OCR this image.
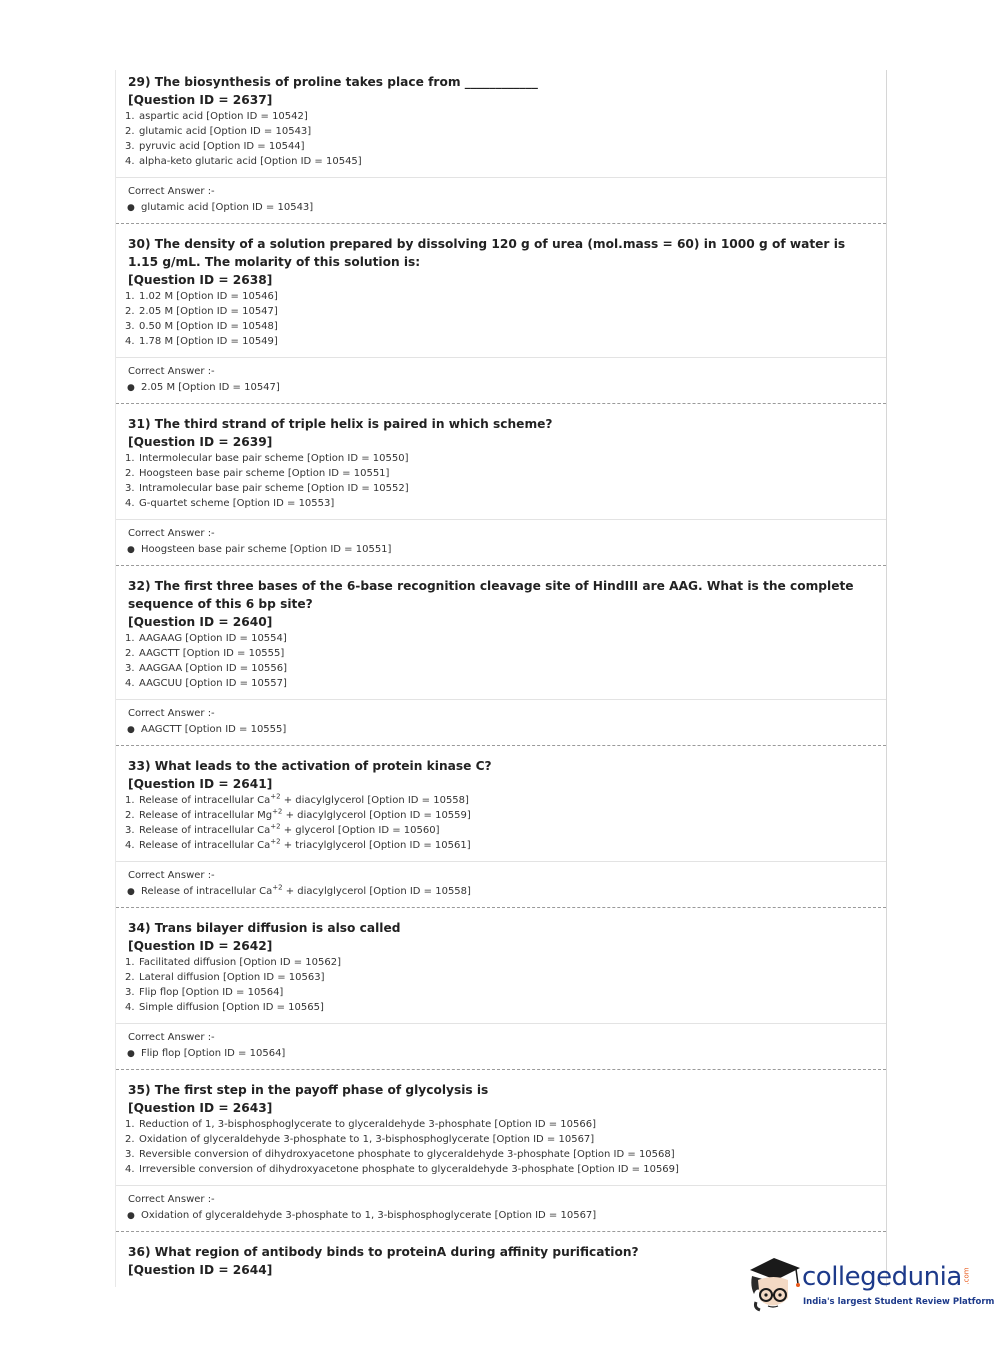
29) The biosynthesis of proline takes place from ____________
[Question ID = 2637]
1. aspartic acid [Option ID = 10542]
2. glutamic acid [Option ID = 10543]
3. pyruvic acid [Option ID = 10544]
4. alpha-keto glutaric acid [Option ID = 10545]
Correct Answer :-
● glutamic acid [Option ID = 10543]
30) The density of a solution prepared by dissolving 120 g of urea (mol.mass = 60) in 1000 g of water is 1.15 g/mL. The molarity of this solution is:
[Question ID = 2638]
1. 1.02 M [Option ID = 10546]
2. 2.05 M [Option ID = 10547]
3. 0.50 M [Option ID = 10548]
4. 1.78 M [Option ID = 10549]
Correct Answer :-
● 2.05 M [Option ID = 10547]
31) The third strand of triple helix is paired in which scheme?
[Question ID = 2639]
1. Intermolecular base pair scheme [Option ID = 10550]
2. Hoogsteen base pair scheme [Option ID = 10551]
3. Intramolecular base pair scheme [Option ID = 10552]
4. G-quartet scheme [Option ID = 10553]
Correct Answer :-
● Hoogsteen base pair scheme [Option ID = 10551]
32) The first three bases of the 6-base recognition cleavage site of HindIII are AAG. What is the complete sequence of this 6 bp site?
[Question ID = 2640]
1. AAGAAG [Option ID = 10554]
2. AAGCTT [Option ID = 10555]
3. AAGGAA [Option ID = 10556]
4. AAGCUU [Option ID = 10557]
Correct Answer :-
● AAGCTT [Option ID = 10555]
33) What leads to the activation of protein kinase C?
[Question ID = 2641]
1. Release of intracellular $Ca^{+2}$ + diacylglycerol [Option ID = 10558]
2. Release of intracellular $Mg^{+2}$ + diacylglycerol [Option ID = 10559]
3. Release of intracellular $Ca^{+2}$ + glycerol [Option ID = 10560]
4. Release of intracellular $Ca^{+2}$ + triacylglycerol [Option ID = 10561]
Correct Answer :-
● Release of intracellular $Ca^{+2}$ + diacylglycerol [Option ID = 10558]
34) Trans bilayer diffusion is also called
[Question ID = 2642]
1. Facilitated diffusion [Option ID = 10562]
2. Lateral diffusion [Option ID = 10563]
3. Flip flop [Option ID = 10564]
4. Simple diffusion [Option ID = 10565]
Correct Answer :-
● Flip flop [Option ID = 10564]
35) The first step in the payoff phase of glycolysis is
[Question ID = 2643]
1. Reduction of 1, 3-bisphosphoglycerate to glyceraldehyde 3-phosphate [Option ID = 10566]
2. Oxidation of glyceraldehyde 3-phosphate to 1, 3-bisphosphoglycerate [Option ID = 10567]
3. Reversible conversion of dihydroxyacetone phosphate to glyceraldehyde 3-phosphate [Option ID = 10568]
4. Irreversible conversion of dihydroxyacetone phosphate to glyceraldehyde 3-phosphate [Option ID = 10569]
Correct Answer :-
● Oxidation of glyceraldehyde 3-phosphate to 1, 3-bisphosphoglycerate [Option ID = 10567]
36) What region of antibody binds to proteinA during affinity purification?
[Question ID = 2644]	collegedunia .com
India's largest Student Review Platform
